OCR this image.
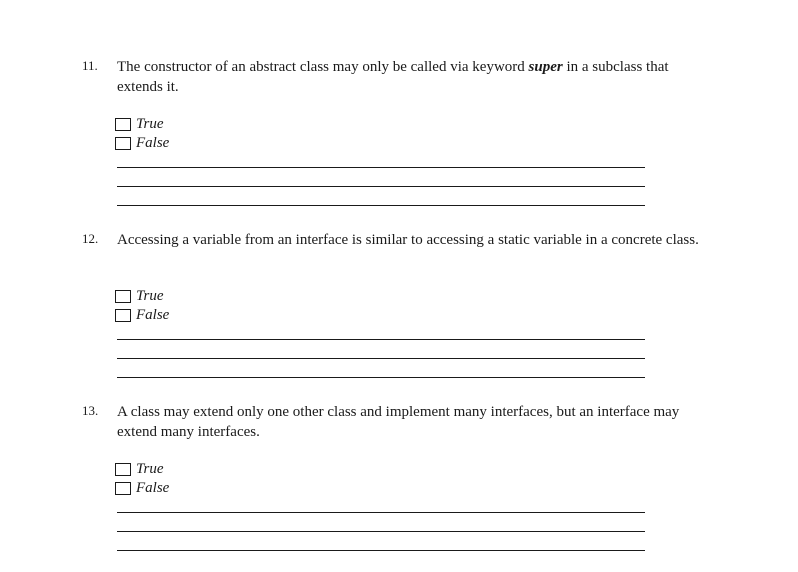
11. The constructor of an abstract class may only be called via keyword super in a subclass that extends it.

True
False
12. Accessing a variable from an interface is similar to accessing a static variable in a concrete class.

True
False
13. A class may extend only one other class and implement many interfaces, but an interface may extend many interfaces.

True
False
